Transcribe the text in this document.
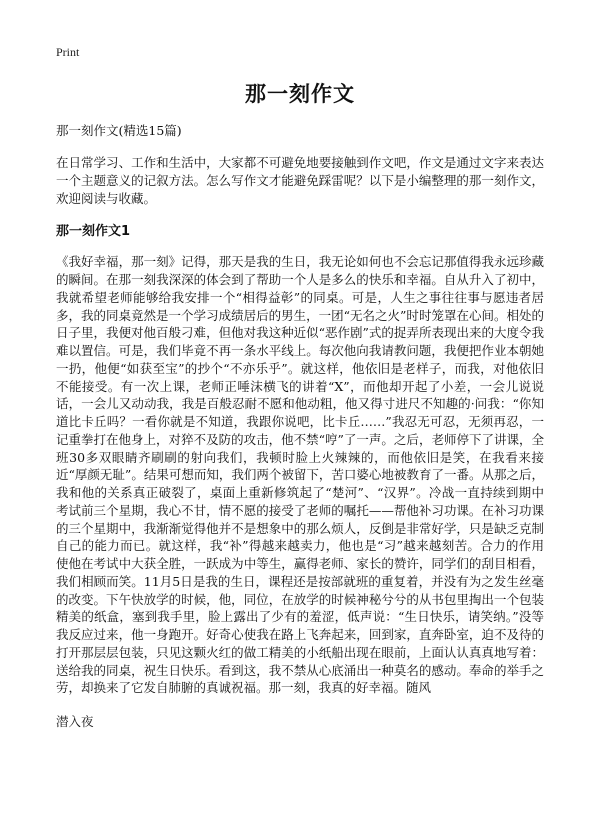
Print

那一刻作文

那一刻作文(精选15篇)

在日常学习、工作和生活中，大家都不可避免地要接触到作文吧，作文是通过文字来表达一个主题意义的记叙方法。怎么写作文才能避免踩雷呢？以下是小编整理的那一刻作文，欢迎阅读与收藏。

那一刻作文1

《我好幸福，那一刻》记得，那天是我的生日，我无论如何也不会忘记那值得我永远珍藏的瞬间。在那一刻我深深的体会到了帮助一个人是多么的快乐和幸福。自从升入了初中，我就希望老师能够给我安排一个“相得益彰”的同桌。可是，人生之事往往事与愿违者居多，我的同桌竟然是一个学习成绩居后的男生，一团“无名之火”时时笼罩在心间。相处的日子里，我便对他百般刁难，但他对我这种近似“恶作剧”式的捉弄所表现出来的大度令我难以置信。可是，我们毕竟不再一条水平线上。每次他向我请教问题，我便把作业本朝她一扔，他便“如获至宝”的抄个“不亦乐乎”。就这样，他依旧是老样子，而我，对他依旧不能接受。有一次上课，老师正唾沫横飞的讲着“X”，而他却开起了小差，一会儿说说话，一会儿又动动我，我是百般忍耐不愿和他动粗，他又得寸进尺不知趣的·问我：“你知道比卡丘吗？一看你就是不知道，我跟你说吧，比卡丘……”我忍无可忍，无须再忍，一记重拳打在他身上，对猝不及防的攻击，他不禁“哼”了一声。之后，老师停下了讲课，全班30多双眼睛齐刷刷的射向我们，我顿时脸上火辣辣的，而他依旧是笑，在我看来接近“厚颜无耻”。结果可想而知，我们两个被留下，苦口婆心地被教育了一番。从那之后，我和他的关系真正破裂了，桌面上重新修筑起了“楚河”、“汉界”。冷战一直持续到期中考试前三个星期，我心不甘，情不愿的接受了老师的嘱托——帮他补习功课。在补习功课的三个星期中，我渐渐觉得他并不是想象中的那么烦人，反倒是非常好学，只是缺乏克制自己的能力而已。就这样，我“补”得越来越卖力，他也是“习”越来越刻苦。合力的作用使他在考试中大获全胜，一跃成为中等生，赢得老师、家长的赞许，同学们的刮目相看，我们相顾而笑。11月5日是我的生日，课程还是按部就班的重复着，并没有为之发生丝毫的改变。下午快放学的时候，他，同位，在放学的时候神秘兮兮的从书包里掏出一个包装精美的纸盒，塞到我手里，脸上露出了少有的羞涩，低声说：“生日快乐，请笑纳。”没等我反应过来，他一身跑开。好奇心使我在路上飞奔起来，回到家，直奔卧室，迫不及待的打开那层层包装，只见这颗火红的做工精美的小纸船出现在眼前，上面认认真真地写着：送给我的同桌，祝生日快乐。看到这，我不禁从心底涌出一种莫名的感动。奉命的举手之劳，却换来了它发自肺腑的真诚祝福。那一刻，我真的好幸福。随风

潜入夜
